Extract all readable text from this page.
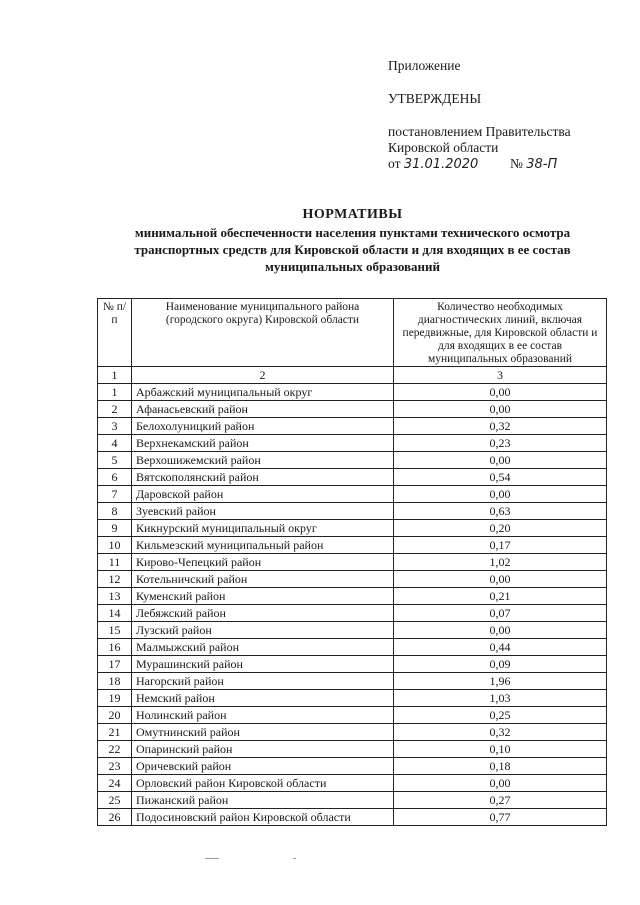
Приложение

УТВЕРЖДЕНЫ

постановлением Правительства

Кировской области

от 31.01.2020 № 38-П
НОРМАТИВЫ
минимальной обеспеченности населения пунктами технического осмотра
транспортных средств для Кировской области и для входящих в ее состав
муниципальных образований
№ п/п	Наименование муниципального района (городского округа) Кировской области	Количество необходимых диагностических линий, включая передвижные, для Кировской области и для входящих в ее состав муниципальных образований
1	2	3
1	Арбажский муниципальный округ	0,00
2	Афанасьевский район	0,00
3	Белохолуницкий район	0,32
4	Верхнекамский район	0,23
5	Верхошижемский район	0,00
6	Вятскополянский район	0,54
7	Даровской район	0,00
8	Зуевский район	0,63
9	Кикнурский муниципальный округ	0,20
10	Кильмезский муниципальный район	0,17
11	Кирово-Чепецкий район	1,02
12	Котельничский район	0,00
13	Куменский район	0,21
14	Лебяжский район	0,07
15	Лузский район	0,00
16	Малмыжский район	0,44
17	Мурашинский район	0,09
18	Нагорский район	1,96
19	Немский район	1,03
20	Нолинский район	0,25
21	Омутнинский район	0,32
22	Опаринский район	0,10
23	Оричевский район	0,18
24	Орловский район Кировской области	0,00
25	Пижанский район	0,27
26	Подосиновский район Кировской области	0,77
